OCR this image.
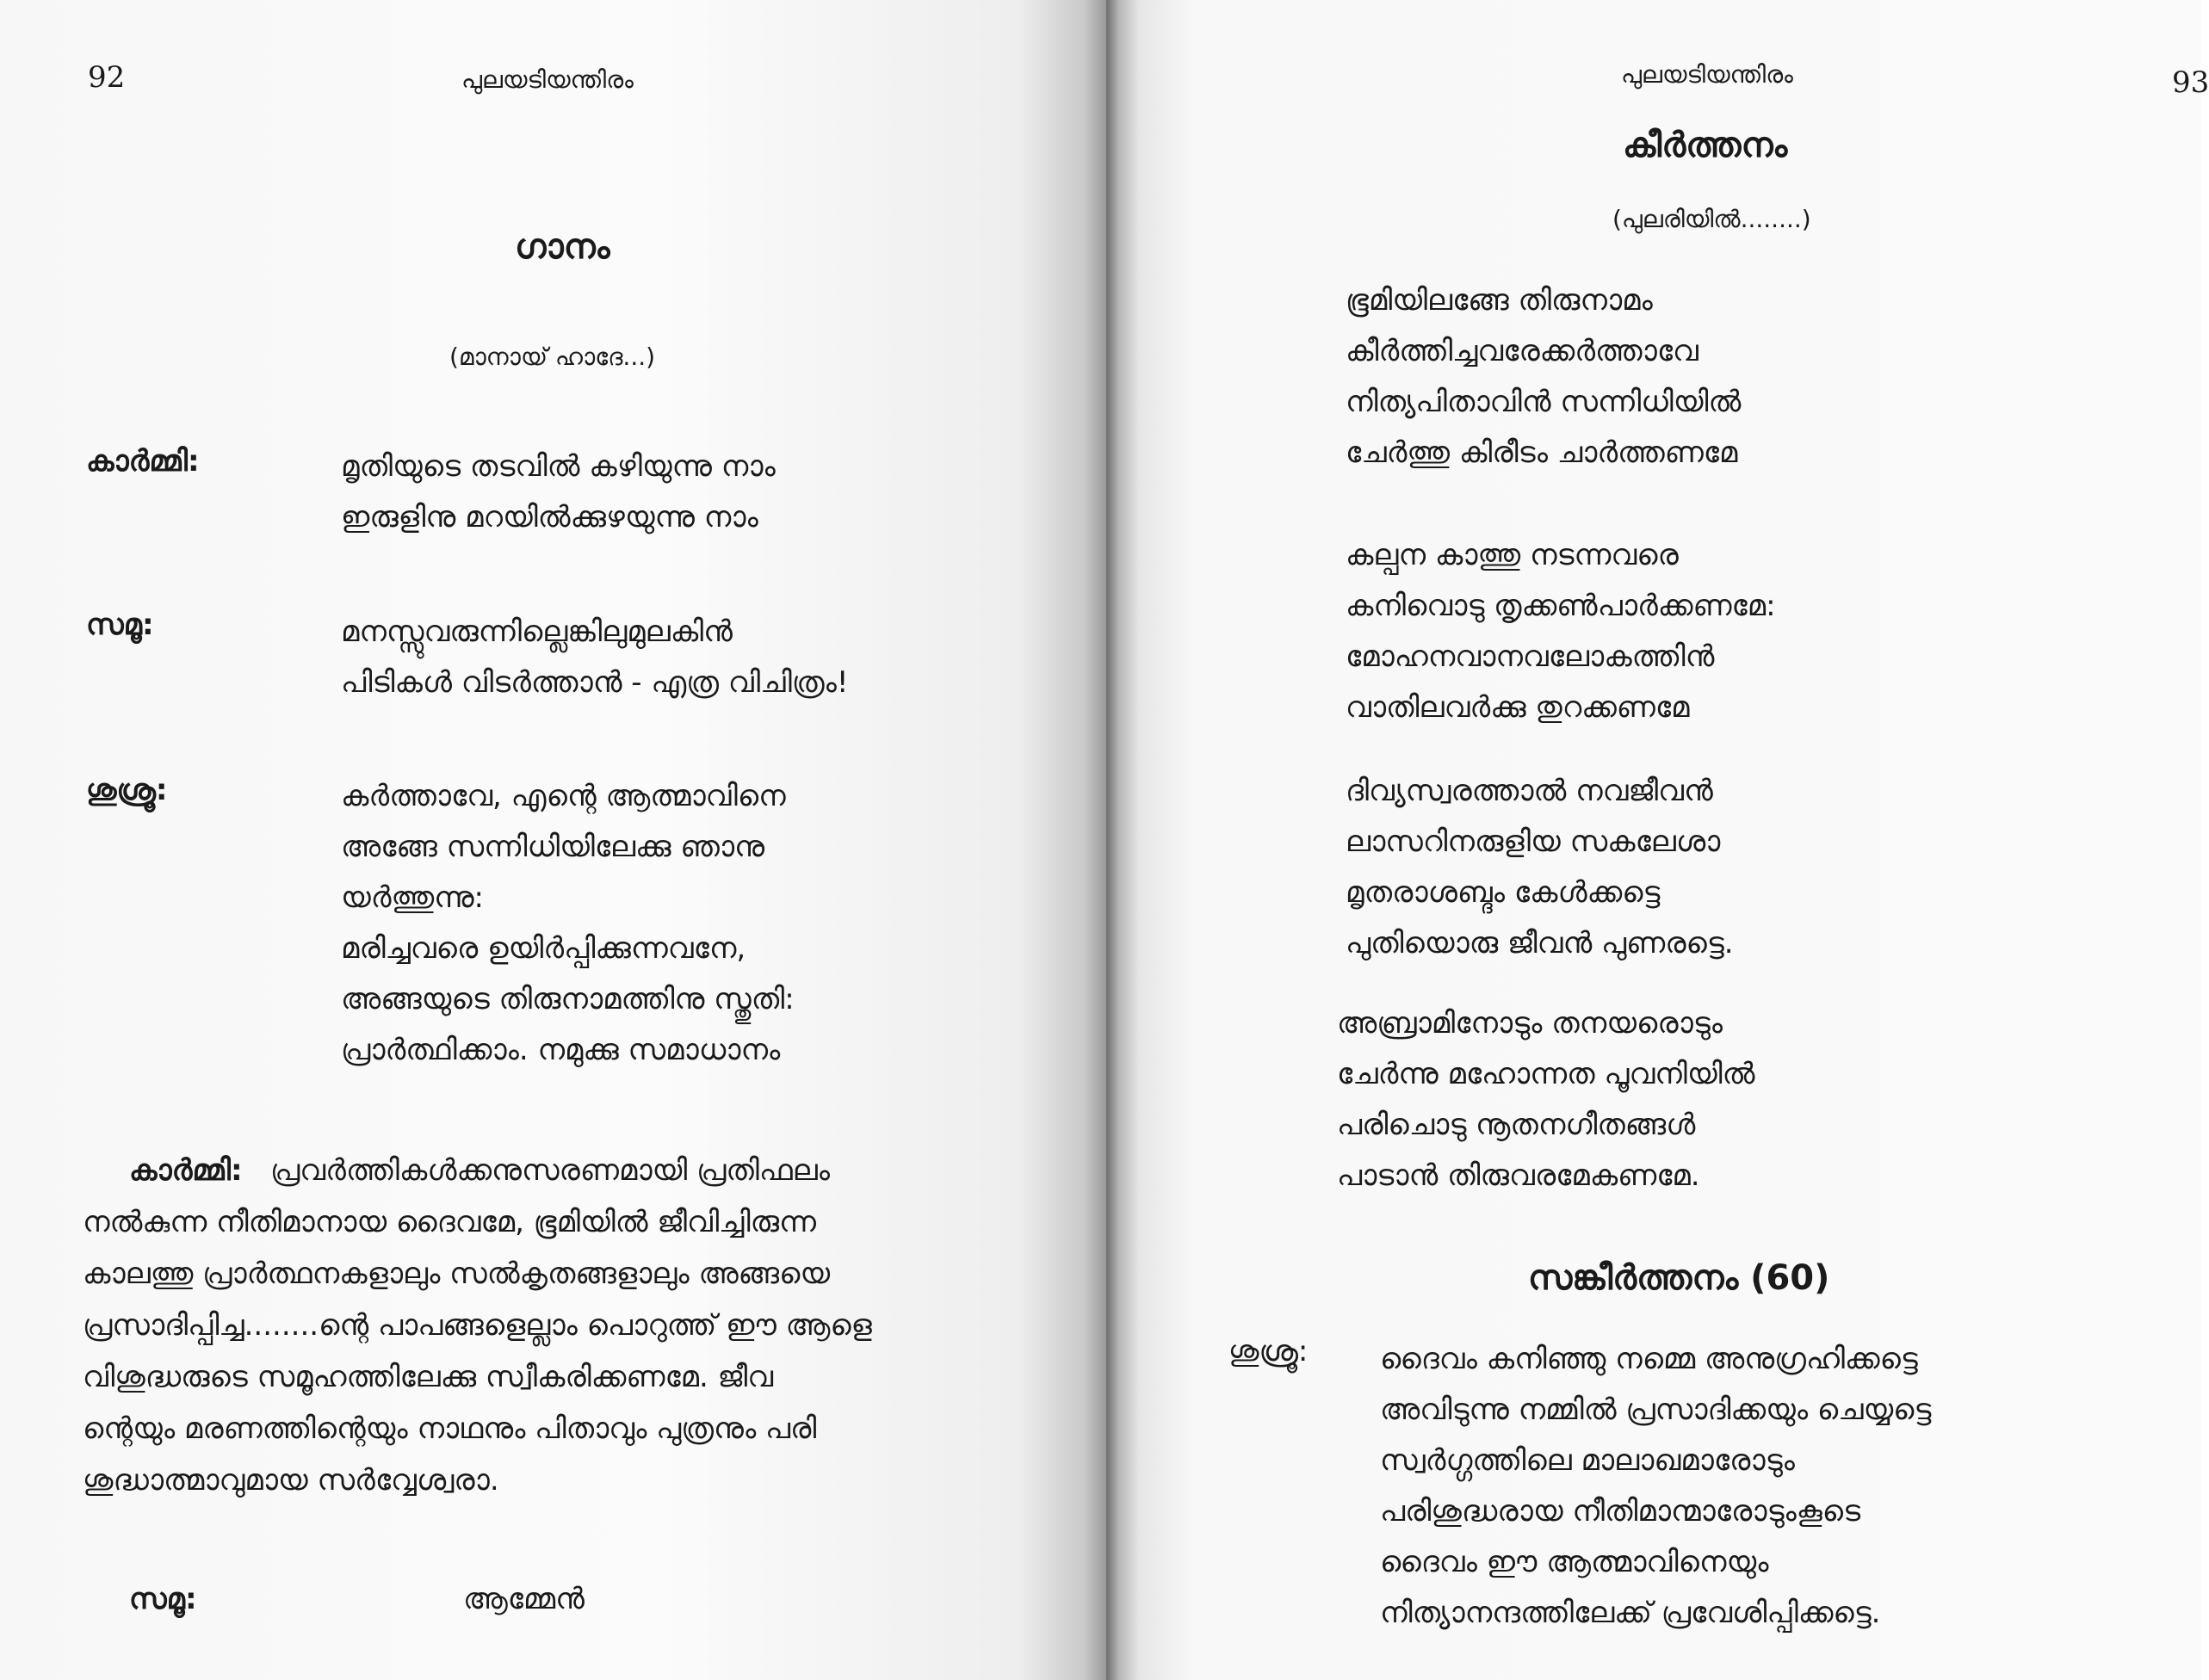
92	പുലയടിയന്തിരം
ഗാനം
(മാനായ് ഹാദേ...)
കാർമ്മി:	മൃതിയുടെ തടവിൽ കഴിയുന്നു നാം
ഇരുളിനു മറയിൽക്കുഴയുന്നു നാം
സമൂ:	മനസ്സുവരുന്നില്ലെങ്കിലുമുലകിൻ
പിടികൾ വിടർത്താൻ - എത്ര വിചിത്രം!
ശുശ്രൂ:	കർത്താവേ, എന്റെ ആത്മാവിനെ
അങ്ങേ സന്നിധിയിലേക്കു ഞാനു
യർത്തുന്നു:
മരിച്ചവരെ ഉയിർപ്പിക്കുന്നവനേ,
അങ്ങയുടെ തിരുനാമത്തിനു സ്തുതി:
പ്രാർത്ഥിക്കാം. നമുക്കു സമാധാനം
കാർമ്മി: പ്രവർത്തികൾക്കനുസരണമായി പ്രതിഫലം
നൽകുന്ന നീതിമാനായ ദൈവമേ, ഭൂമിയിൽ ജീവിച്ചിരുന്ന
കാലത്തു പ്രാർത്ഥനകളാലും സൽകൃതങ്ങളാലും അങ്ങയെ
പ്രസാദിപ്പിച്ച........ന്റെ പാപങ്ങളെല്ലാം പൊറുത്ത് ഈ ആളെ
വിശുദ്ധരുടെ സമൂഹത്തിലേക്കു സ്വീകരിക്കണമേ. ജീവ
ന്റെയും മരണത്തിന്റെയും നാഥനും പിതാവും പുത്രനും പരി
ശുദ്ധാത്മാവുമായ സർവ്വേശ്വരാ.
സമൂ:	ആമ്മേൻ
പുലയടിയന്തിരം	93
കീർത്തനം
(പുലരിയിൽ........)
ഭൂമിയിലങ്ങേ തിരുനാമം
കീർത്തിച്ചവരേക്കർത്താവേ
നിത്യപിതാവിൻ സന്നിധിയിൽ
ചേർത്തു കിരീടം ചാർത്തണമേ
കല്പന കാത്തു നടന്നവരെ
കനിവൊടു തൃക്കൺപാർക്കണമേ:
മോഹനവാനവലോകത്തിൻ
വാതിലവർക്കു തുറക്കണമേ
ദിവ്യസ്വരത്താൽ നവജീവൻ
ലാസറിനരുളിയ സകലേശാ
മൃതരാശബ്ദം കേൾക്കട്ടെ
പുതിയൊരു ജീവൻ പുണരട്ടെ.
അബ്രാമിനോടും തനയരൊടും
ചേർന്നു മഹോന്നത പൂവനിയിൽ
പരിചൊടു നൂതനഗീതങ്ങൾ
പാടാൻ തിരുവരമേകണമേ.
സങ്കീർത്തനം (60)
ശുശ്രൂ: ദൈവം കനിഞ്ഞു നമ്മെ അനുഗ്രഹിക്കട്ടെ
അവിടുന്നു നമ്മിൽ പ്രസാദിക്കയും ചെയ്യട്ടെ
സ്വർഗ്ഗത്തിലെ മാലാഖമാരോടും
പരിശുദ്ധരായ നീതിമാന്മാരോടുംകൂടെ
ദൈവം ഈ ആത്മാവിനെയും
നിത്യാനന്ദത്തിലേക്ക് പ്രവേശിപ്പിക്കട്ടെ.
